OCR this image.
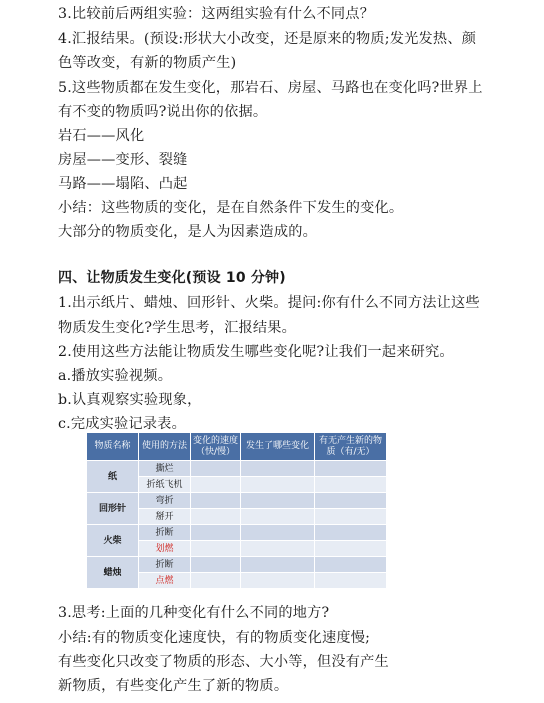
3.比较前后两组实验：这两组实验有什么不同点？
4.汇报结果。(预设:形状大小改变，还是原来的物质;发光发热、颜
色等改变，有新的物质产生)
5.这些物质都在发生变化，那岩石、房屋、马路也在变化吗?世界上
有不变的物质吗?说出你的依据。
岩石——风化
房屋——变形、裂缝
马路——塌陷、凸起
小结：这些物质的变化，是在自然条件下发生的变化。
大部分的物质变化，是人为因素造成的。
四、让物质发生变化(预设 10 分钟)
1.出示纸片、蜡烛、回形针、火柴。提问:你有什么不同方法让这些
物质发生变化?学生思考，汇报结果。
2.使用这些方法能让物质发生哪些变化呢?让我们一起来研究。
a.播放实验视频。
b.认真观察实验现象，
c.完成实验记录表。
物质名称	使用的方法	变化的速度（快/慢）	发生了哪些变化	有无产生新的物质（有/无）
纸	撕烂			
	折纸飞机			
回形针	弯折			
	掰开			
火柴	折断			
	划燃			
蜡烛	折断			
	点燃			
3.思考:上面的几种变化有什么不同的地方?
小结:有的物质变化速度快，有的物质变化速度慢;
有些变化只改变了物质的形态、大小等，但没有产生
新物质，有些变化产生了新的物质。
